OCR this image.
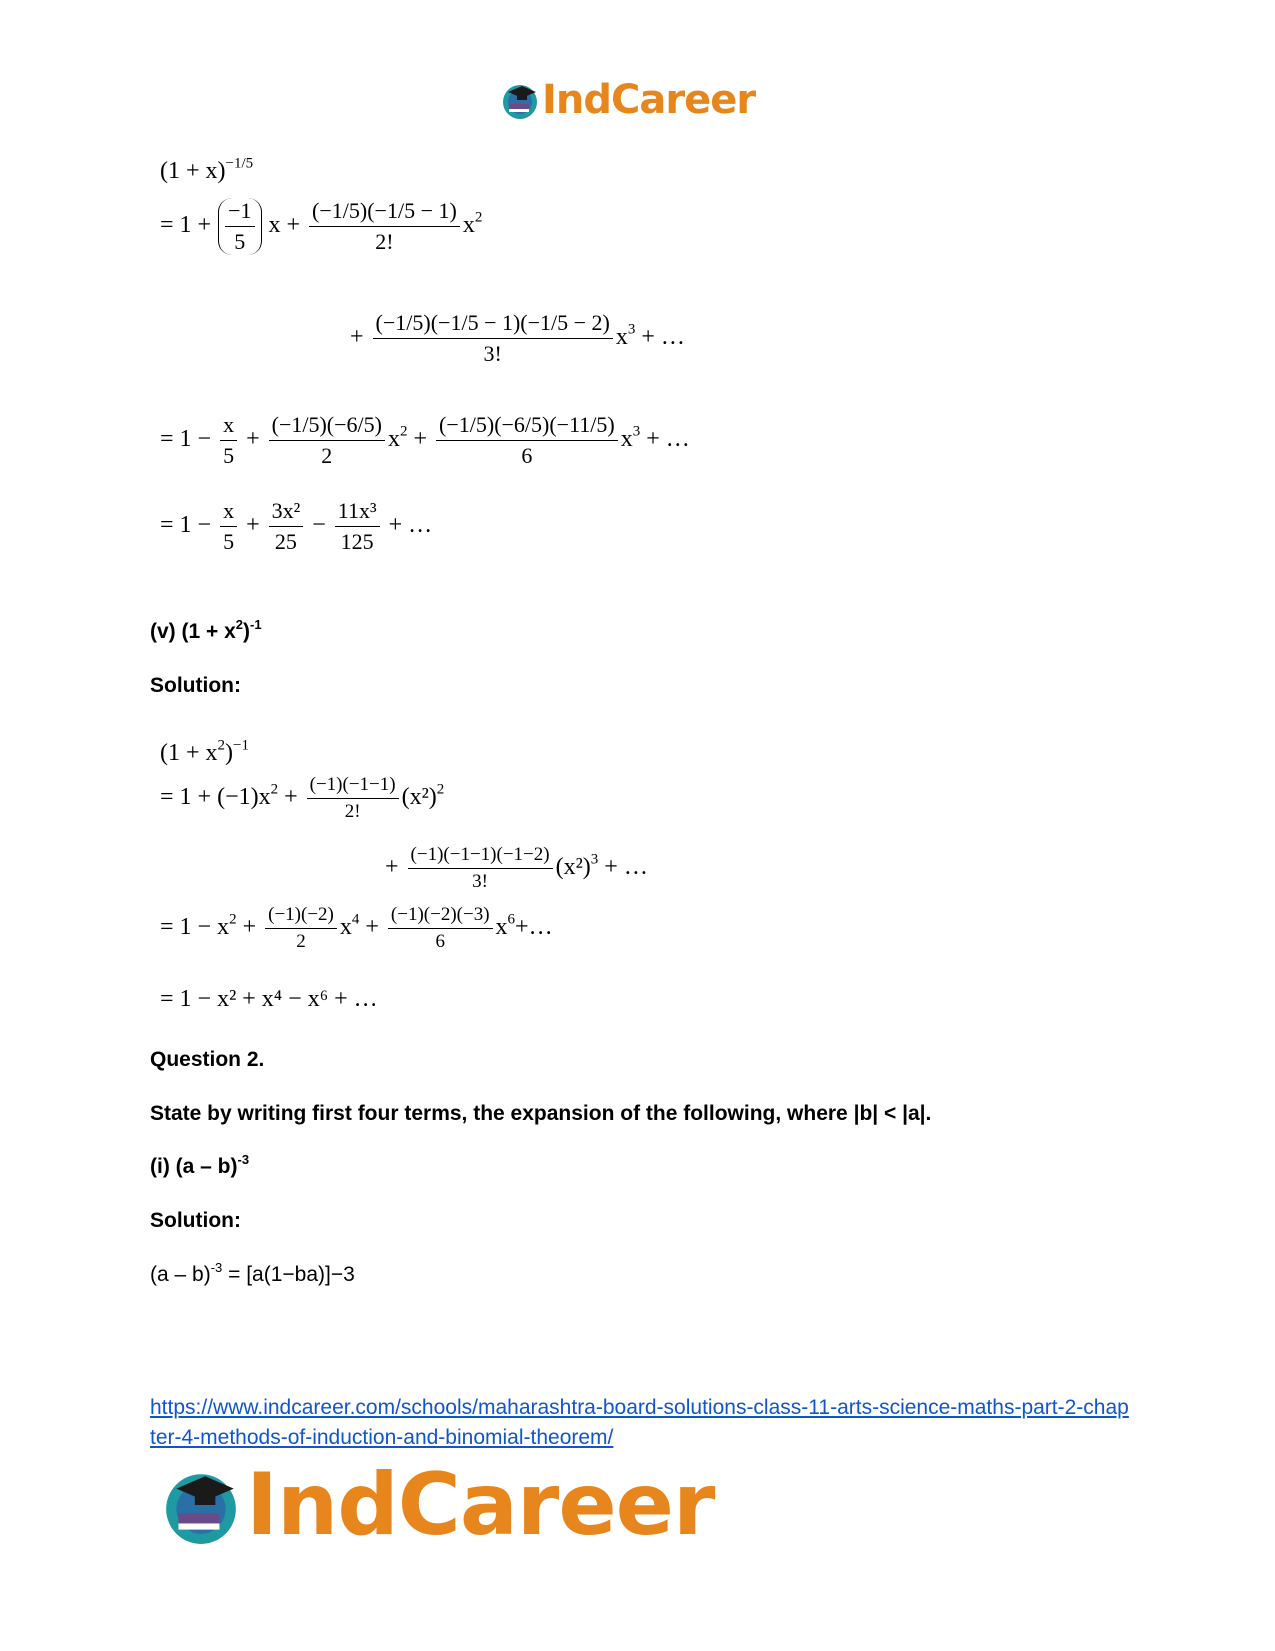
IndCareer
$(1 + x)^{-1/5}$
= $1 + \frac{-1}{5}$ $x + \frac{(-1/5)(-1/5 - 1)}{2!} x^2$
+ $\frac{(-1/5)(-1/5 - 1)(-1/5 - 2)}{3!} x^3$ + …
= $1 - \frac{x}{5} + \frac{(-1/5)(-6/5)}{2} x^2 + \frac{(-1/5)(-6/5)(-11/5)}{6} x^3$ + …
= $1 - \frac{x}{5} + \frac{\text{3x²}}{25} - \frac{\text{11x³}}{125}$ + …
(v) $(1 + x^2)^{-1}$
Solution:
$(1 + x^2)^{-1}$
= $1 + (-1)x^2 + \frac{(-1)(-1-1)}{2!} (x^2)^2$
+ $\frac{(-1)(-1-1)(-1-2)}{3!} (x^2)^3$ + …
= $1 - x^2 + \frac{(-1)(-2)}{2} x^4 + \frac{(-1)(-2)(-3)}{6}$ $x^6+\dots$
= 1 − x² + x⁴ − x⁶ + …
Question 2.
State by writing first four terms, the expansion of the following, where |b| < |a|.
(i) (a – b)$^{-3}$
Solution:
(a – b)$^{-3}$ = [a(1−ba)]−3
https://www.indcareer.com/schools/maharashtra-board-solutions-class-11-arts-science-maths-part-2-chapter-4-methods-of-induction-and-binomial-theorem/
IndCareer
